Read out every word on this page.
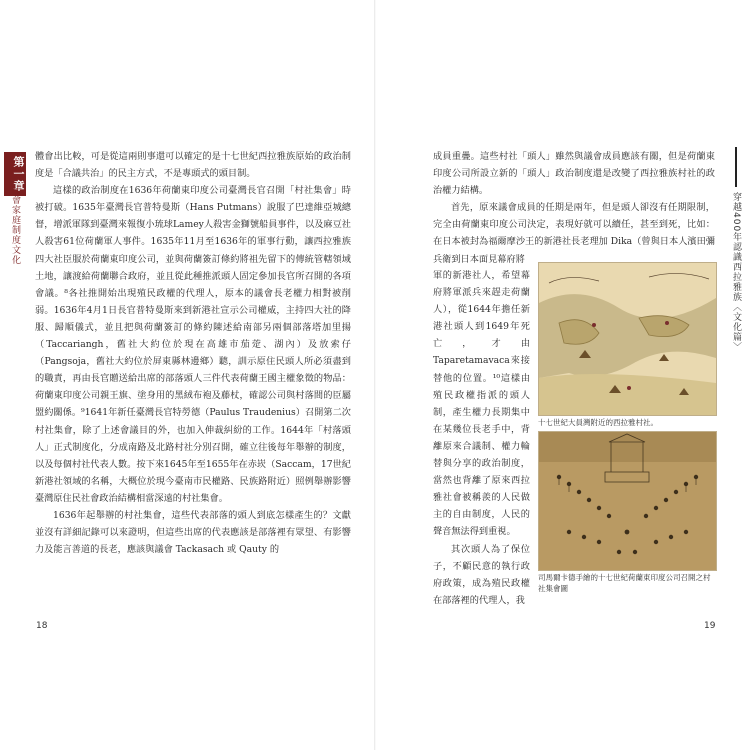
第一章
社會家庭制度文化

體會出比較，可是從這兩則事還可以確定的是十七世紀西拉雅族原始的政治制度是「合議共治」的民主方式，不是專頭式的頭目制。

這樣的政治制度在1636年荷蘭東印度公司臺灣長官召開「村社集會」時被打破。1635年臺灣長官普特曼斯（Hans Putmans）說服了巴達維亞城總督，增派軍隊到臺灣來報復小琉球Lamey人殺害金獅號船員事件，以及麻豆社人殺害61位荷蘭軍人事件。1635年11月至1636年的軍事行動，讓西拉雅族四大社臣服於荷蘭東印度公司，並與荷蘭簽訂條約將祖先留下的傳統管轄領域土地，讓渡給荷蘭聯合政府，並且從此種推派頭人固定參加長官所召開的各項會議。⁸各社推開始出現殖民政權的代理人，原本的議會長老權力相對被削弱。1636年4月1日長官普特曼斯來到新港社宣示公司權威，主持四大社的降服、歸順儀式，並且把與荷蘭簽訂的條約陳述給南部另兩個部落塔加里揚（Taccariangh，舊社大約位於現在高雄市茄萣、湖內）及放索仔（Pangsoja，舊社大約位於屏東縣林邊鄉）聽，訓示原住民頭人所必須盡到的職責，再由長官贈送給出席的部落頭人三件代表荷蘭王國主權象徵的物品：荷蘭東印度公司親王旗、塗身用的黑絨布袍及藤杖，確認公司與村落間的臣屬盟約關係。⁹1641年新任臺灣長官特勞德（Paulus Traudenius）召開第二次村社集會，除了上述會議目的外，也加入伸裁糾紛的工作。1644年「村落頭人」正式制度化，分成南路及北路村社分別召開，確立往後每年舉辦的制度，以及每個村社代表人數。按下來1645年至1655年在赤崁（Saccam，17世紀新港社領域的名稱，大概位於現今臺南市民權路、民族路附近）照例舉辦影響臺灣原住民社會政治結構相當深遠的村社集會。

1636年起舉辦的村社集會，這些代表部落的頭人到底怎樣產生的？文獻並沒有詳細記錄可以來證明，但這些出席的代表應該是部落裡有眾望、有影響力及能言善道的長老，應該與議會 Tackasach 或 Qauty 的

18

成員重疊。這些村社「頭人」雖然與議會成員應該有關，但是荷蘭東印度公司所設立新的「頭人」政治制度還是改變了西拉雅族村社的政治權力結構。

首先，原來議會成員的任期是兩年，但是頭人卻沒有任期限制，完全由荷蘭東印度公司決定，表現好就可以續任，甚至到死，比如：在日本被封為福爾摩沙王的新港社長老理加 Dika（曾與日本人濱田彌兵衛到日本面見幕府將

軍的新港社人，希望幕府將軍派兵來趕走荷蘭人），從1644年擔任新港社頭人到1649年死亡，才由Taparetamavaca來接替他的位置。¹⁰這樣由殖民政權指派的頭人制，產生權力長期集中在某幾位長老手中，背離原來合議制、權力輪替與分享的政治制度，當然也背離了原來西拉雅社會被稱羨的人民做主的自由制度，人民的聲音無法得到重視。

其次頭人為了保位子，不顧民意的執行政府政策，成為殖民政權在部落裡的代理人，我

穿越400年認識西拉雅族〈文化篇〉
十七世紀大員灣附近的西拉雅村社。
司馬爾卡德手繪的十七世紀荷蘭東印度公司召開之村社集會圖
19
